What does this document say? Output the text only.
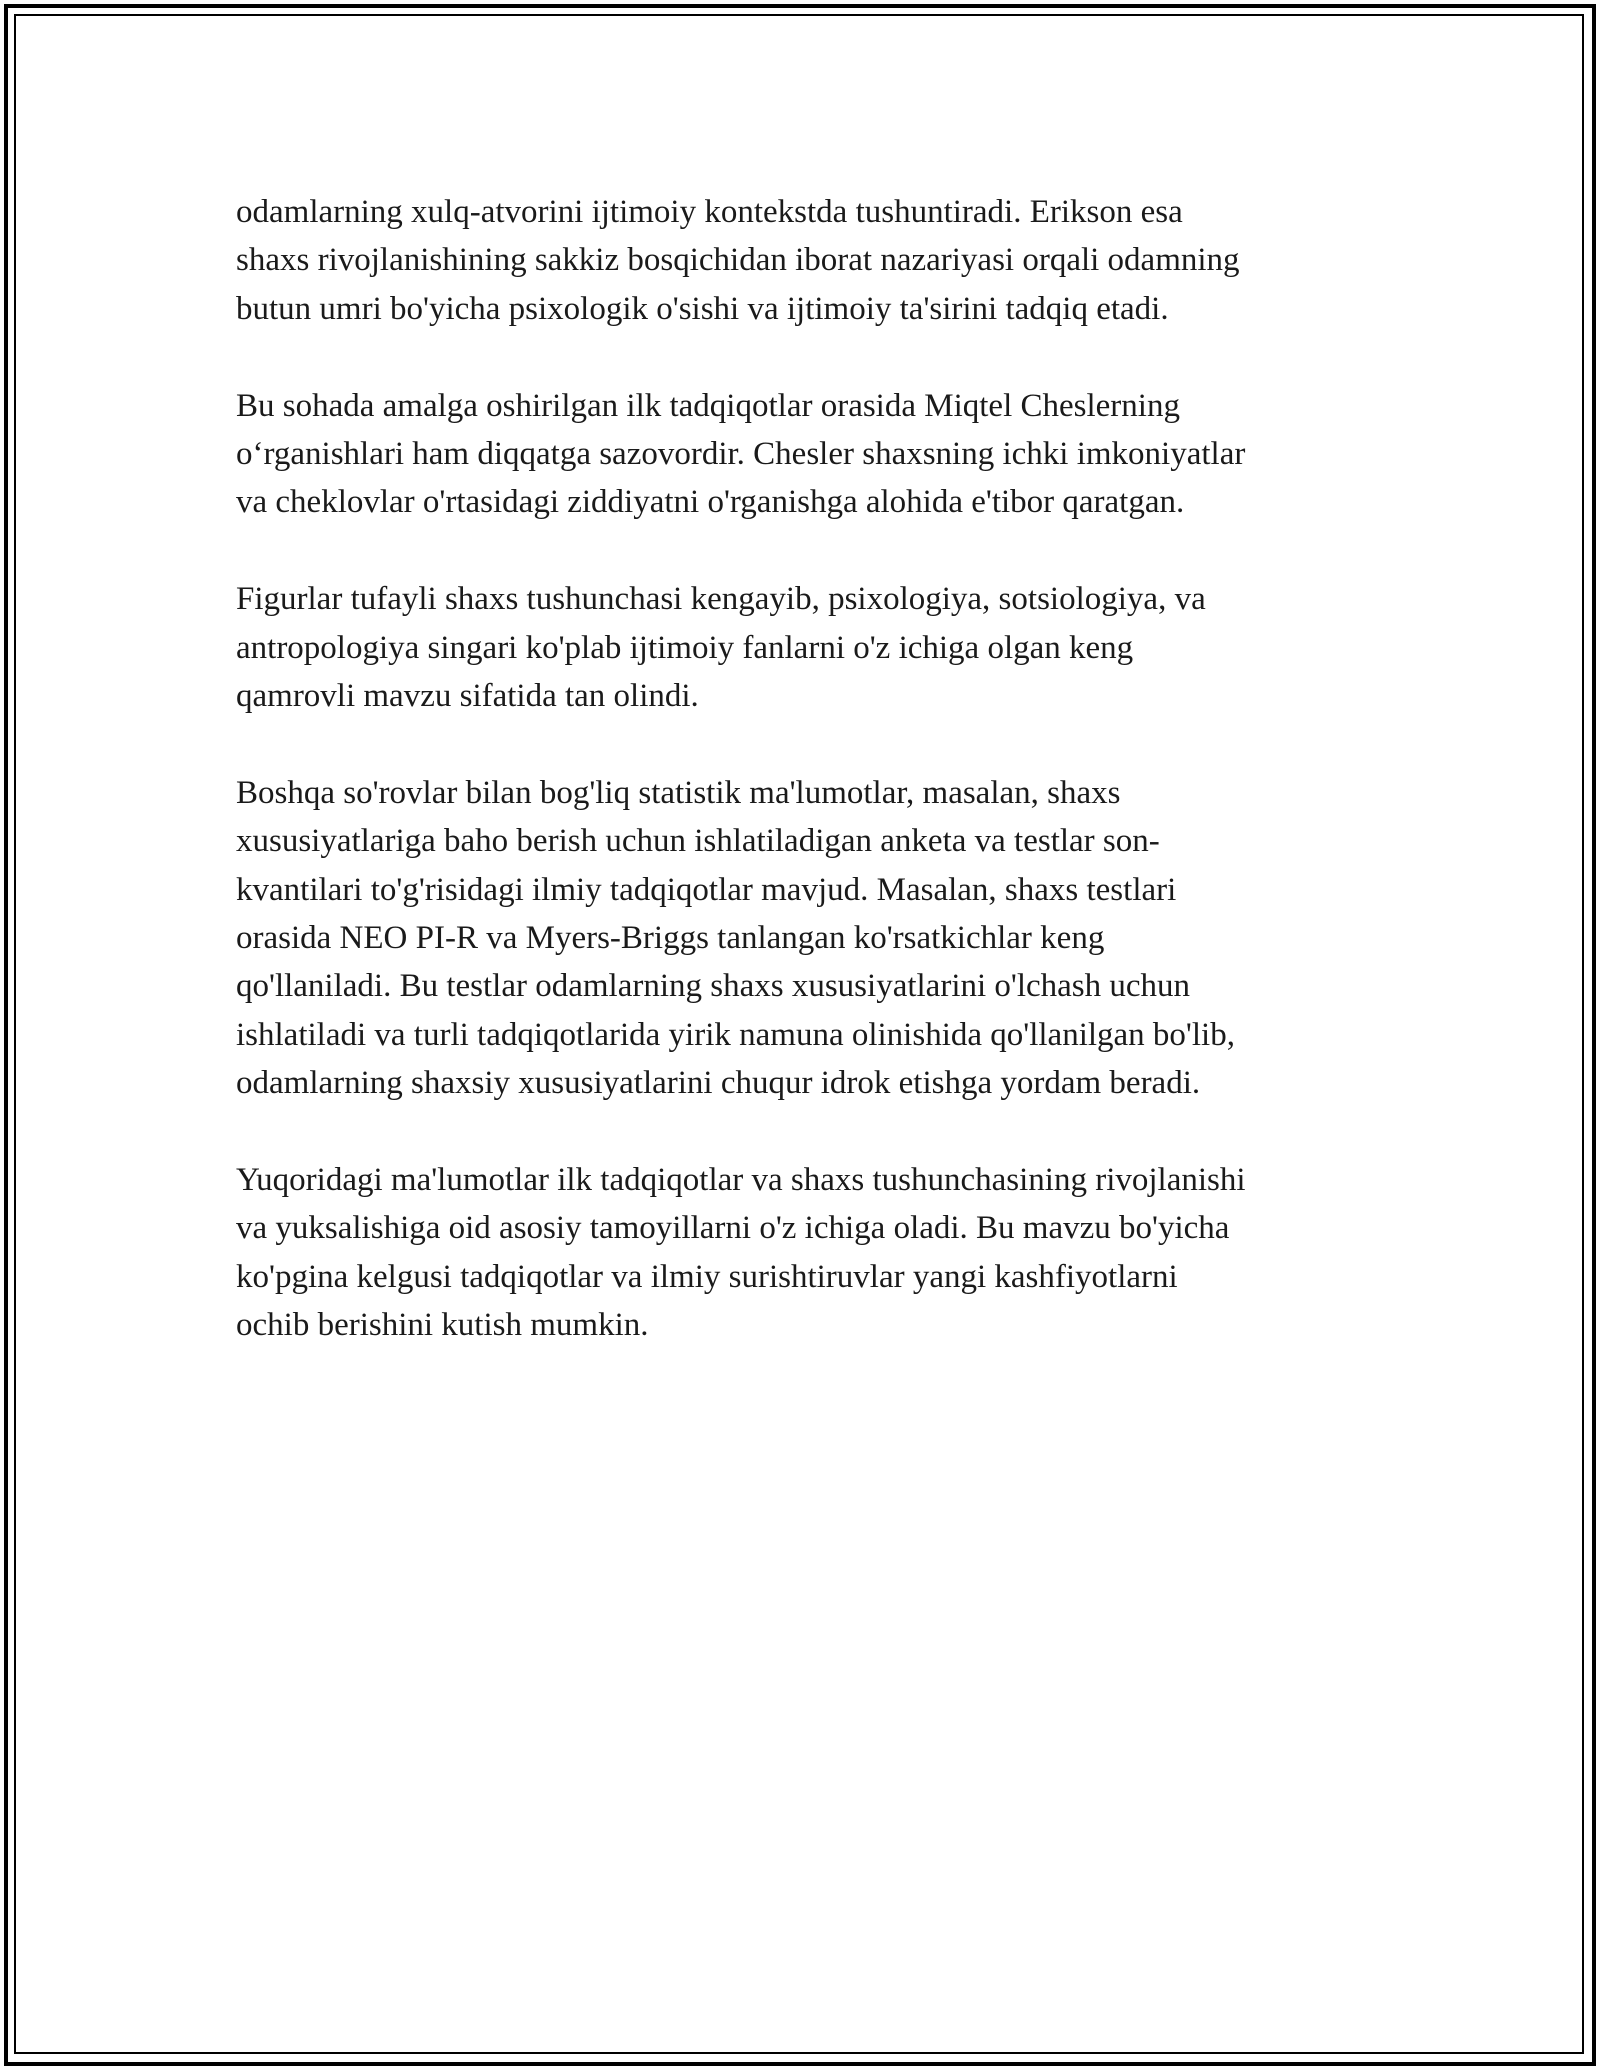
odamlarning xulq-atvorini ijtimoiy kontekstda tushuntiradi. Erikson esa
shaxs rivojlanishining sakkiz bosqichidan iborat nazariyasi orqali odamning
butun umri bo'yicha psixologik o'sishi va ijtimoiy ta'sirini tadqiq etadi.

Bu sohada amalga oshirilgan ilk tadqiqotlar orasida Miqtel Cheslerning
o‘rganishlari ham diqqatga sazovordir. Chesler shaxsning ichki imkoniyatlar
va cheklovlar o'rtasidagi ziddiyatni o'rganishga alohida e'tibor qaratgan.

Figurlar tufayli shaxs tushunchasi kengayib, psixologiya, sotsiologiya, va
antropologiya singari ko'plab ijtimoiy fanlarni o'z ichiga olgan keng
qamrovli mavzu sifatida tan olindi.

Boshqa so'rovlar bilan bog'liq statistik ma'lumotlar, masalan, shaxs
xususiyatlariga baho berish uchun ishlatiladigan anketa va testlar son-
kvantilari to'g'risidagi ilmiy tadqiqotlar mavjud. Masalan, shaxs testlari
orasida NEO PI-R va Myers-Briggs tanlangan ko'rsatkichlar keng
qo'llaniladi. Bu testlar odamlarning shaxs xususiyatlarini o'lchash uchun
ishlatiladi va turli tadqiqotlarida yirik namuna olinishida qo'llanilgan bo'lib,
odamlarning shaxsiy xususiyatlarini chuqur idrok etishga yordam beradi.

Yuqoridagi ma'lumotlar ilk tadqiqotlar va shaxs tushunchasining rivojlanishi
va yuksalishiga oid asosiy tamoyillarni o'z ichiga oladi. Bu mavzu bo'yicha
ko'pgina kelgusi tadqiqotlar va ilmiy surishtiruvlar yangi kashfiyotlarni
ochib berishini kutish mumkin.
